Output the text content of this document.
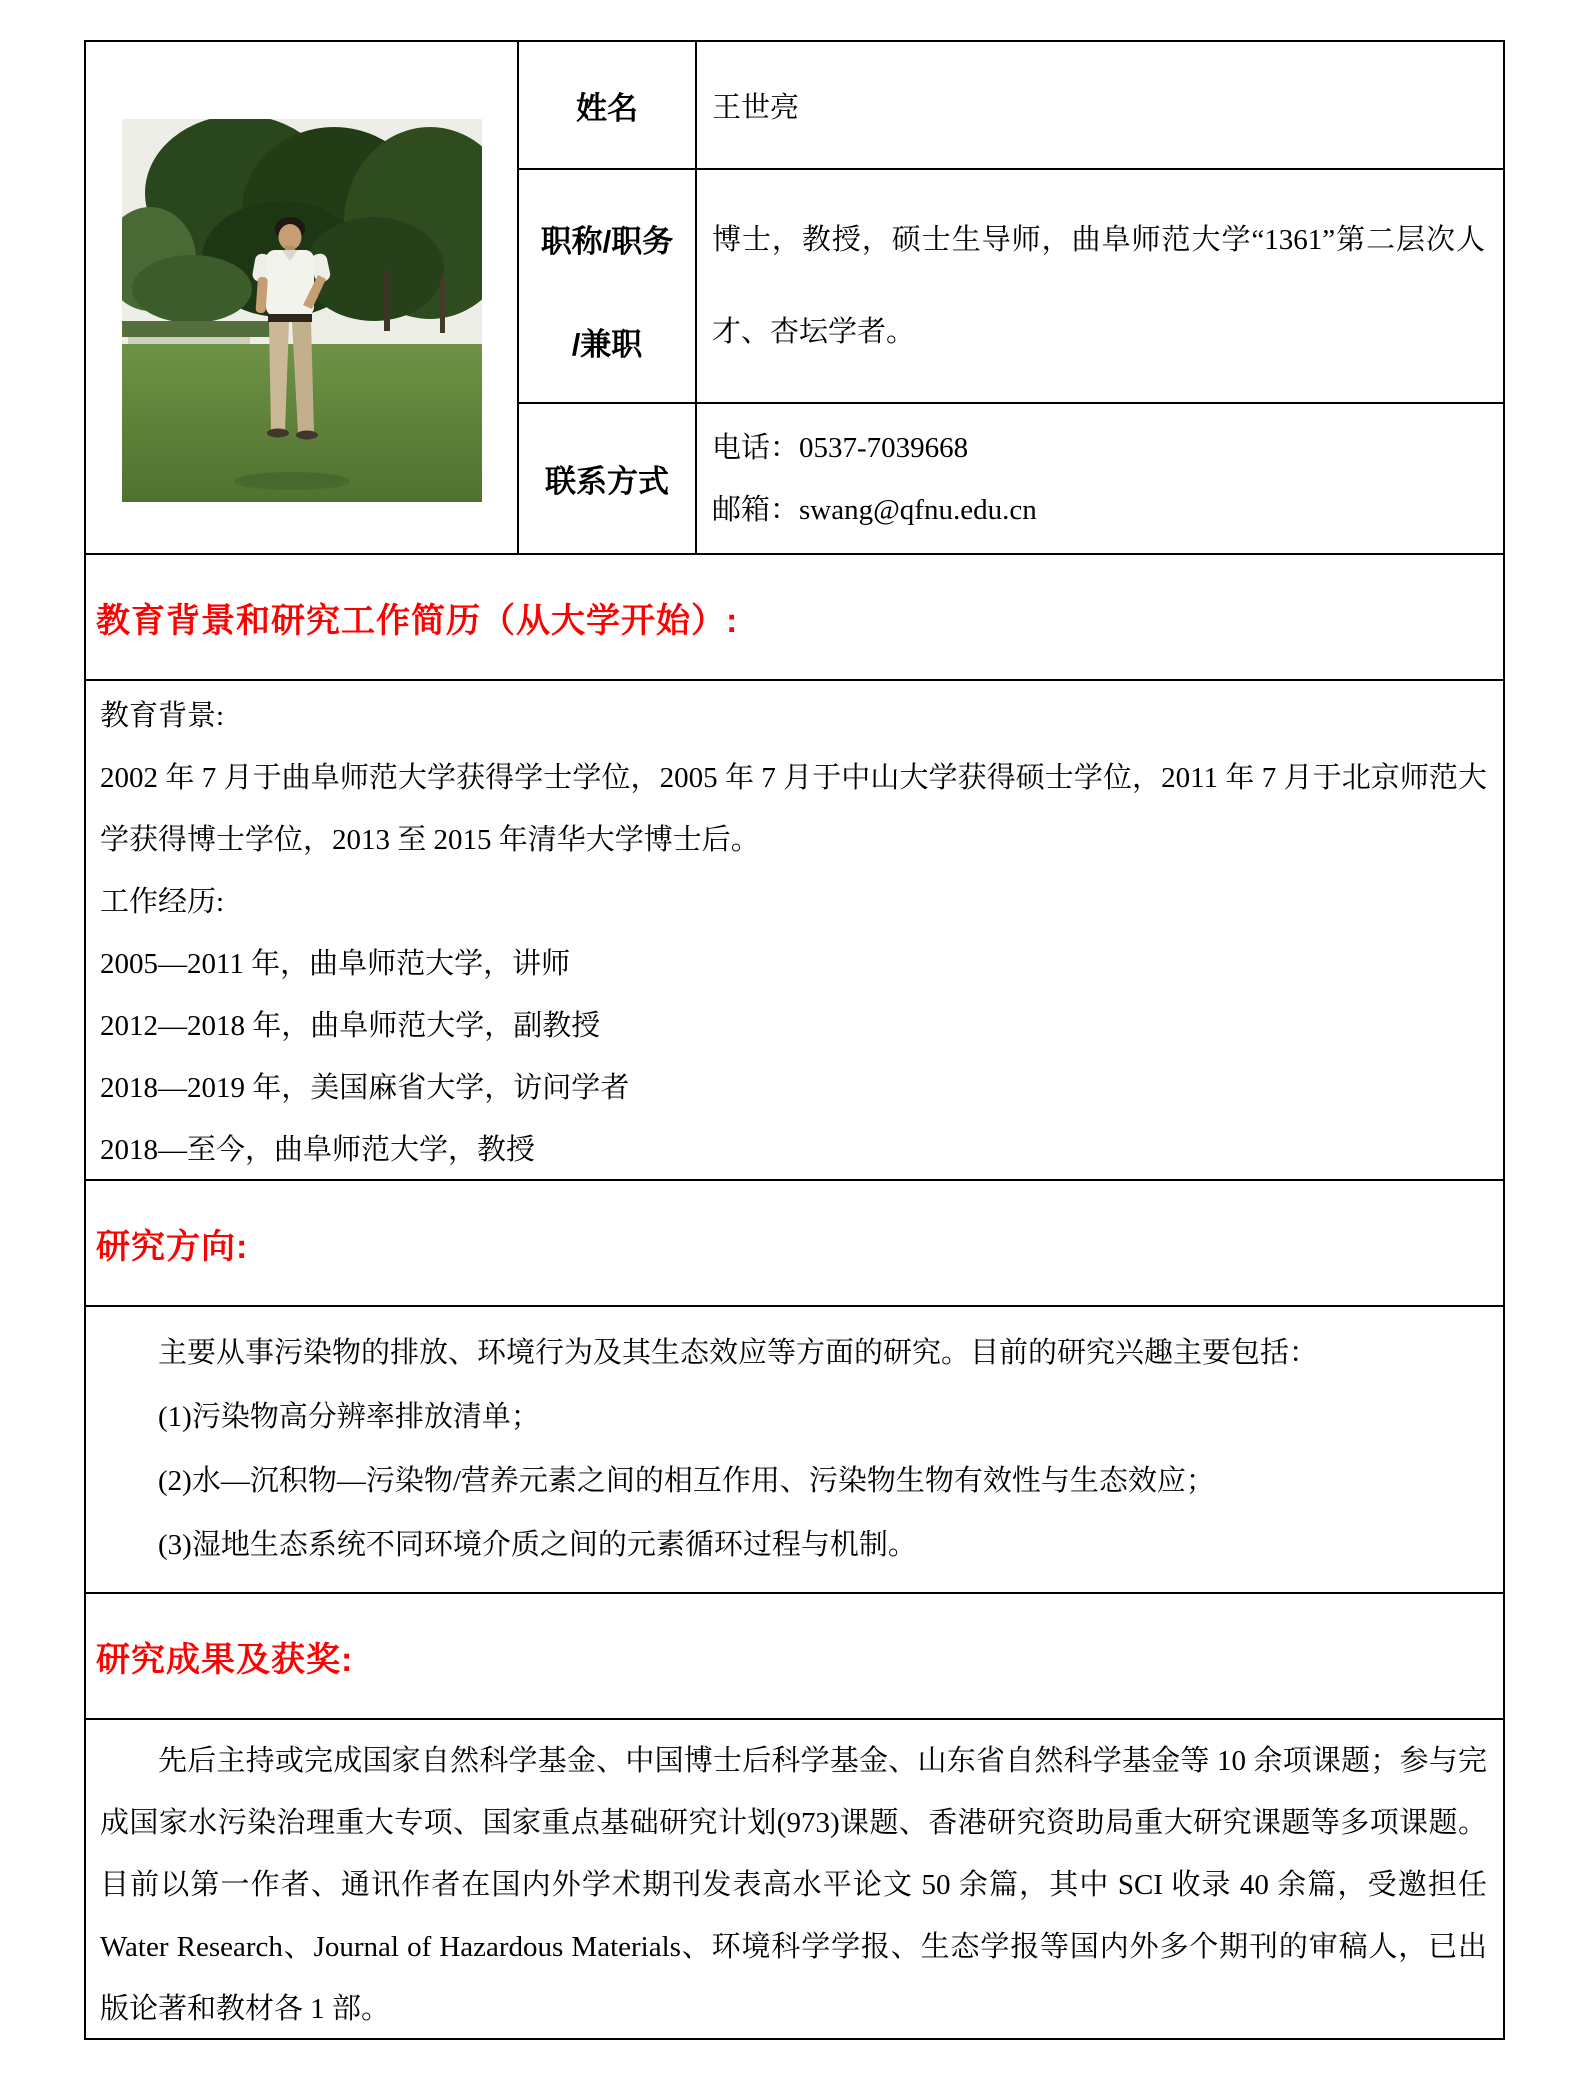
姓名	王世亮
职称/职务
/兼职
博士，教授，硕士生导师，曲阜师范大学“1361”第二层次人才、杏坛学者。
联系方式
电话：0537-7039668
邮箱：swang@qfnu.edu.cn
教育背景和研究工作简历（从大学开始）:
教育背景:
2002 年 7 月于曲阜师范大学获得学士学位，2005 年 7 月于中山大学获得硕士学位，2011 年 7 月于北京师范大学获得博士学位，2013 至 2015 年清华大学博士后。
工作经历:
2005—2011 年，曲阜师范大学，讲师
2012—2018 年，曲阜师范大学，副教授
2018—2019 年，美国麻省大学，访问学者
2018—至今，曲阜师范大学，教授
研究方向:
主要从事污染物的排放、环境行为及其生态效应等方面的研究。目前的研究兴趣主要包括：
(1)污染物高分辨率排放清单；
(2)水—沉积物—污染物/营养元素之间的相互作用、污染物生物有效性与生态效应；
(3)湿地生态系统不同环境介质之间的元素循环过程与机制。
研究成果及获奖:
先后主持或完成国家自然科学基金、中国博士后科学基金、山东省自然科学基金等 10 余项课题；参与完成国家水污染治理重大专项、国家重点基础研究计划(973)课题、香港研究资助局重大研究课题等多项课题。目前以第一作者、通讯作者在国内外学术期刊发表高水平论文 50 余篇，其中 SCI 收录 40 余篇，受邀担任 Water Research、Journal of Hazardous Materials、环境科学学报、生态学报等国内外多个期刊的审稿人，已出版论著和教材各 1 部。
